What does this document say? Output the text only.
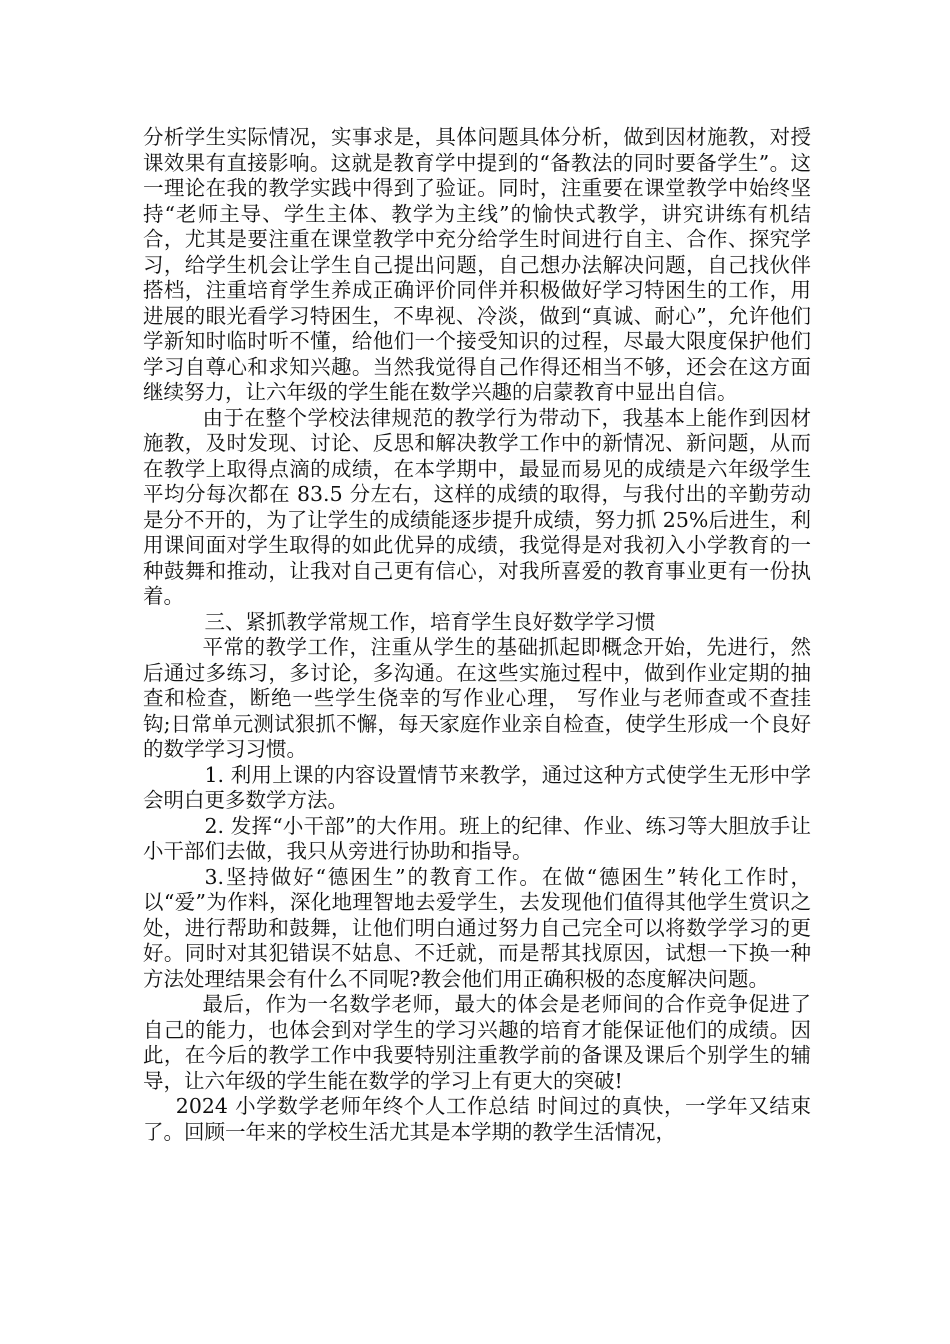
分析学生实际情况，实事求是，具体问题具体分析，做到因材施教，对授课效果有直接影响。这就是教育学中提到的“备教法的同时要备学生”。这一理论在我的教学实践中得到了验证。同时，注重要在课堂教学中始终坚持“老师主导、学生主体、教学为主线”的愉快式教学，讲究讲练有机结合，尤其是要注重在课堂教学中充分给学生时间进行自主、合作、探究学习，给学生机会让学生自己提出问题，自己想办法解决问题，自己找伙伴搭档，注重培育学生养成正确评价同伴并积极做好学习特困生的工作，用进展的眼光看学习特困生，不卑视、冷淡，做到“真诚、耐心”，允许他们学新知时临时听不懂，给他们一个接受知识的过程，尽最大限度保护他们学习自尊心和求知兴趣。当然我觉得自己作得还相当不够，还会在这方面继续努力，让六年级的学生能在数学兴趣的启蒙教育中显出自信。

由于在整个学校法律规范的教学行为带动下，我基本上能作到因材施教，及时发现、讨论、反思和解决教学工作中的新情况、新问题，从而在教学上取得点滴的成绩，在本学期中，最显而易见的成绩是六年级学生平均分每次都在 83.5 分左右，这样的成绩的取得，与我付出的辛勤劳动是分不开的，为了让学生的成绩能逐步提升成绩，努力抓 25%后进生，利用课间面对学生取得的如此优异的成绩，我觉得是对我初入小学教育的一种鼓舞和推动，让我对自己更有信心，对我所喜爱的教育事业更有一份执着。

三、紧抓教学常规工作，培育学生良好数学学习惯

平常的教学工作，注重从学生的基础抓起即概念开始，先进行，然后通过多练习，多讨论，多沟通。在这些实施过程中，做到作业定期的抽查和检查，断绝一些学生侥幸的写作业心理， 写作业与老师查或不查挂钩;日常单元测试狠抓不懈，每天家庭作业亲自检查，使学生形成一个良好的数学学习习惯。

1. 利用上课的内容设置情节来教学，通过这种方式使学生无形中学会明白更多数学方法。

2. 发挥“小干部”的大作用。班上的纪律、作业、练习等大胆放手让小干部们去做，我只从旁进行协助和指导。

3.坚持做好“德困生”的教育工作。在做“德困生”转化工作时，以“爱”为作料，深化地理智地去爱学生，去发现他们值得其他学生赏识之处，进行帮助和鼓舞，让他们明白通过努力自己完全可以将数学学习的更好。同时对其犯错误不姑息、不迁就，而是帮其找原因，试想一下换一种方法处理结果会有什么不同呢?教会他们用正确积极的态度解决问题。

最后，作为一名数学老师，最大的体会是老师间的合作竞争促进了自己的能力，也体会到对学生的学习兴趣的培育才能保证他们的成绩。因此，在今后的教学工作中我要特别注重教学前的备课及课后个别学生的辅导，让六年级的学生能在数学的学习上有更大的突破!

2024 小学数学老师年终个人工作总结 时间过的真快，一学年又结束了。回顾一年来的学校生活尤其是本学期的教学生活情况，
